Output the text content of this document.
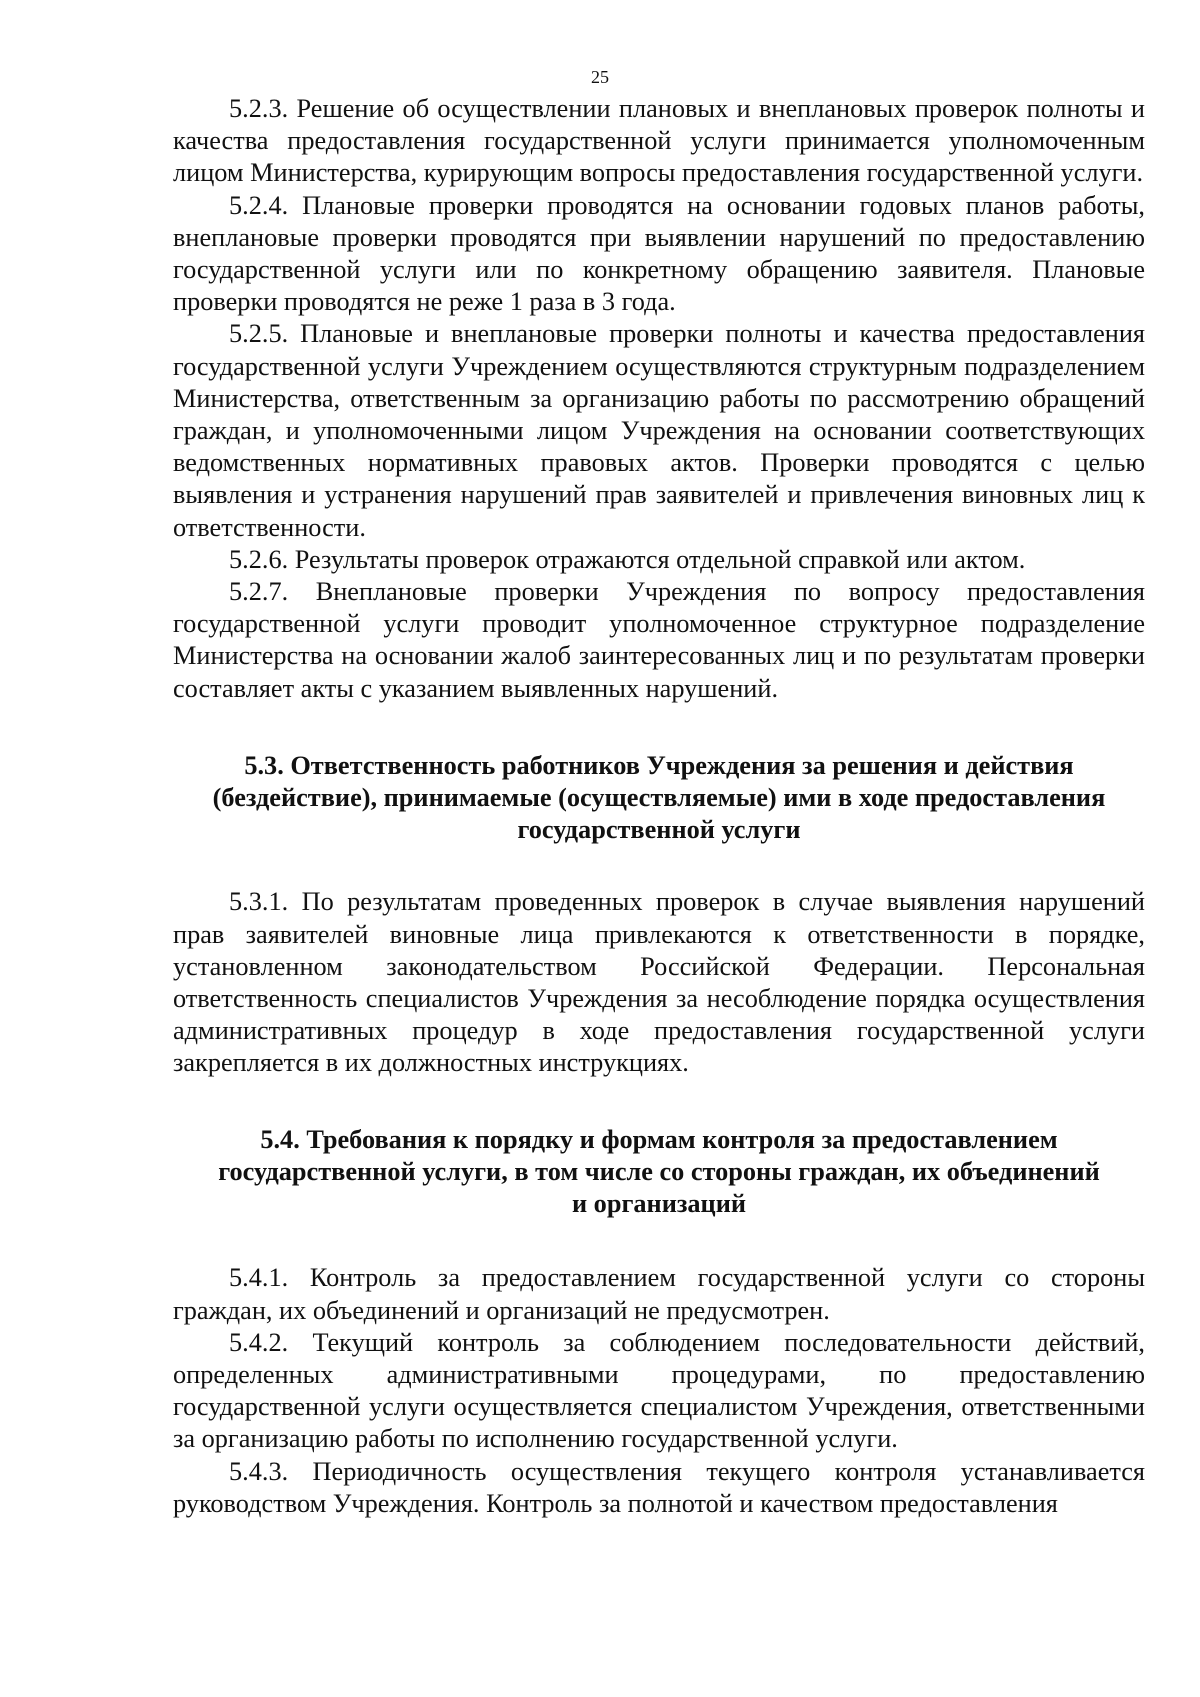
25

5.2.3. Решение об осуществлении плановых и внеплановых проверок полноты и качества предоставления государственной услуги принимается уполномоченным лицом Министерства, курирующим вопросы предоставления государственной услуги.

5.2.4. Плановые проверки проводятся на основании годовых планов работы, внеплановые проверки проводятся при выявлении нарушений по предоставлению государственной услуги или по конкретному обращению заявителя. Плановые проверки проводятся не реже 1 раза в 3 года.

5.2.5. Плановые и внеплановые проверки полноты и качества предоставления государственной услуги Учреждением осуществляются структурным подразделением Министерства, ответственным за организацию работы по рассмотрению обращений граждан, и уполномоченными лицом Учреждения на основании соответствующих ведомственных нормативных правовых актов. Проверки проводятся с целью выявления и устранения нарушений прав заявителей и привлечения виновных лиц к ответственности.

5.2.6. Результаты проверок отражаются отдельной справкой или актом.

5.2.7. Внеплановые проверки Учреждения по вопросу предоставления государственной услуги проводит уполномоченное структурное подразделение Министерства на основании жалоб заинтересованных лиц и по результатам проверки составляет акты с указанием выявленных нарушений.

5.3. Ответственность работников Учреждения за решения и действия
(бездействие), принимаемые (осуществляемые) ими в ходе предоставления
государственной услуги

5.3.1. По результатам проведенных проверок в случае выявления нарушений прав заявителей виновные лица привлекаются к ответственности в порядке, установленном законодательством Российской Федерации. Персональная ответственность специалистов Учреждения за несоблюдение порядка осуществления административных процедур в ходе предоставления государственной услуги закрепляется в их должностных инструкциях.

5.4. Требования к порядку и формам контроля за предоставлением
государственной услуги, в том числе со стороны граждан, их объединений
и организаций

5.4.1. Контроль за предоставлением государственной услуги со стороны граждан, их объединений и организаций не предусмотрен.

5.4.2. Текущий контроль за соблюдением последовательности действий, определенных административными процедурами, по предоставлению государственной услуги осуществляется специалистом Учреждения, ответственными за организацию работы по исполнению государственной услуги.

5.4.3. Периодичность осуществления текущего контроля устанавливается руководством Учреждения. Контроль за полнотой и качеством предоставления
